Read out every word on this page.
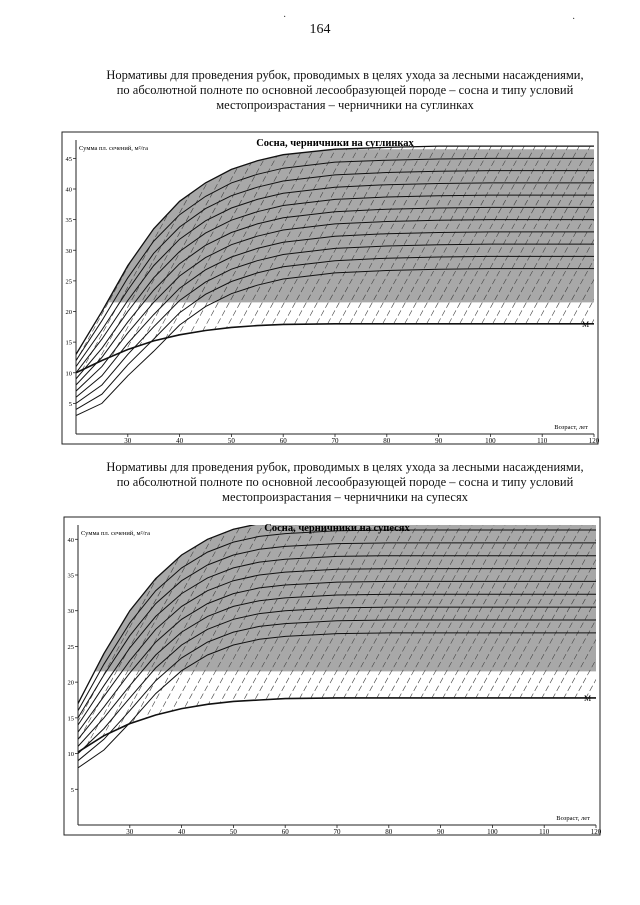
164
·	·
Нормативы для проведения рубок, проводимых в целях ухода за лесными насаждениями,
по абсолютной полноте по основной лесообразующей породе – сосна и типу условий
местопроизрастания – черничники на суглинках
M
Сосна, черничники на суглинках
Сумма пл. сечений, м²/га
Возраст, лет
30	40	50	60	70	80	90	100	110	120
5
10
15
20
25
30
35
40
45
Нормативы для проведения рубок, проводимых в целях ухода за лесными насаждениями,
по абсолютной полноте по основной лесообразующей породе – сосна и типу условий
местопроизрастания – черничники на супесях
M
Сосна, черничники на супесях
Сумма пл. сечений, м²/га
Возраст, лет
30	40	50	60	70	80	90	100	110	120
5
10
15
20
25
30
35
40
